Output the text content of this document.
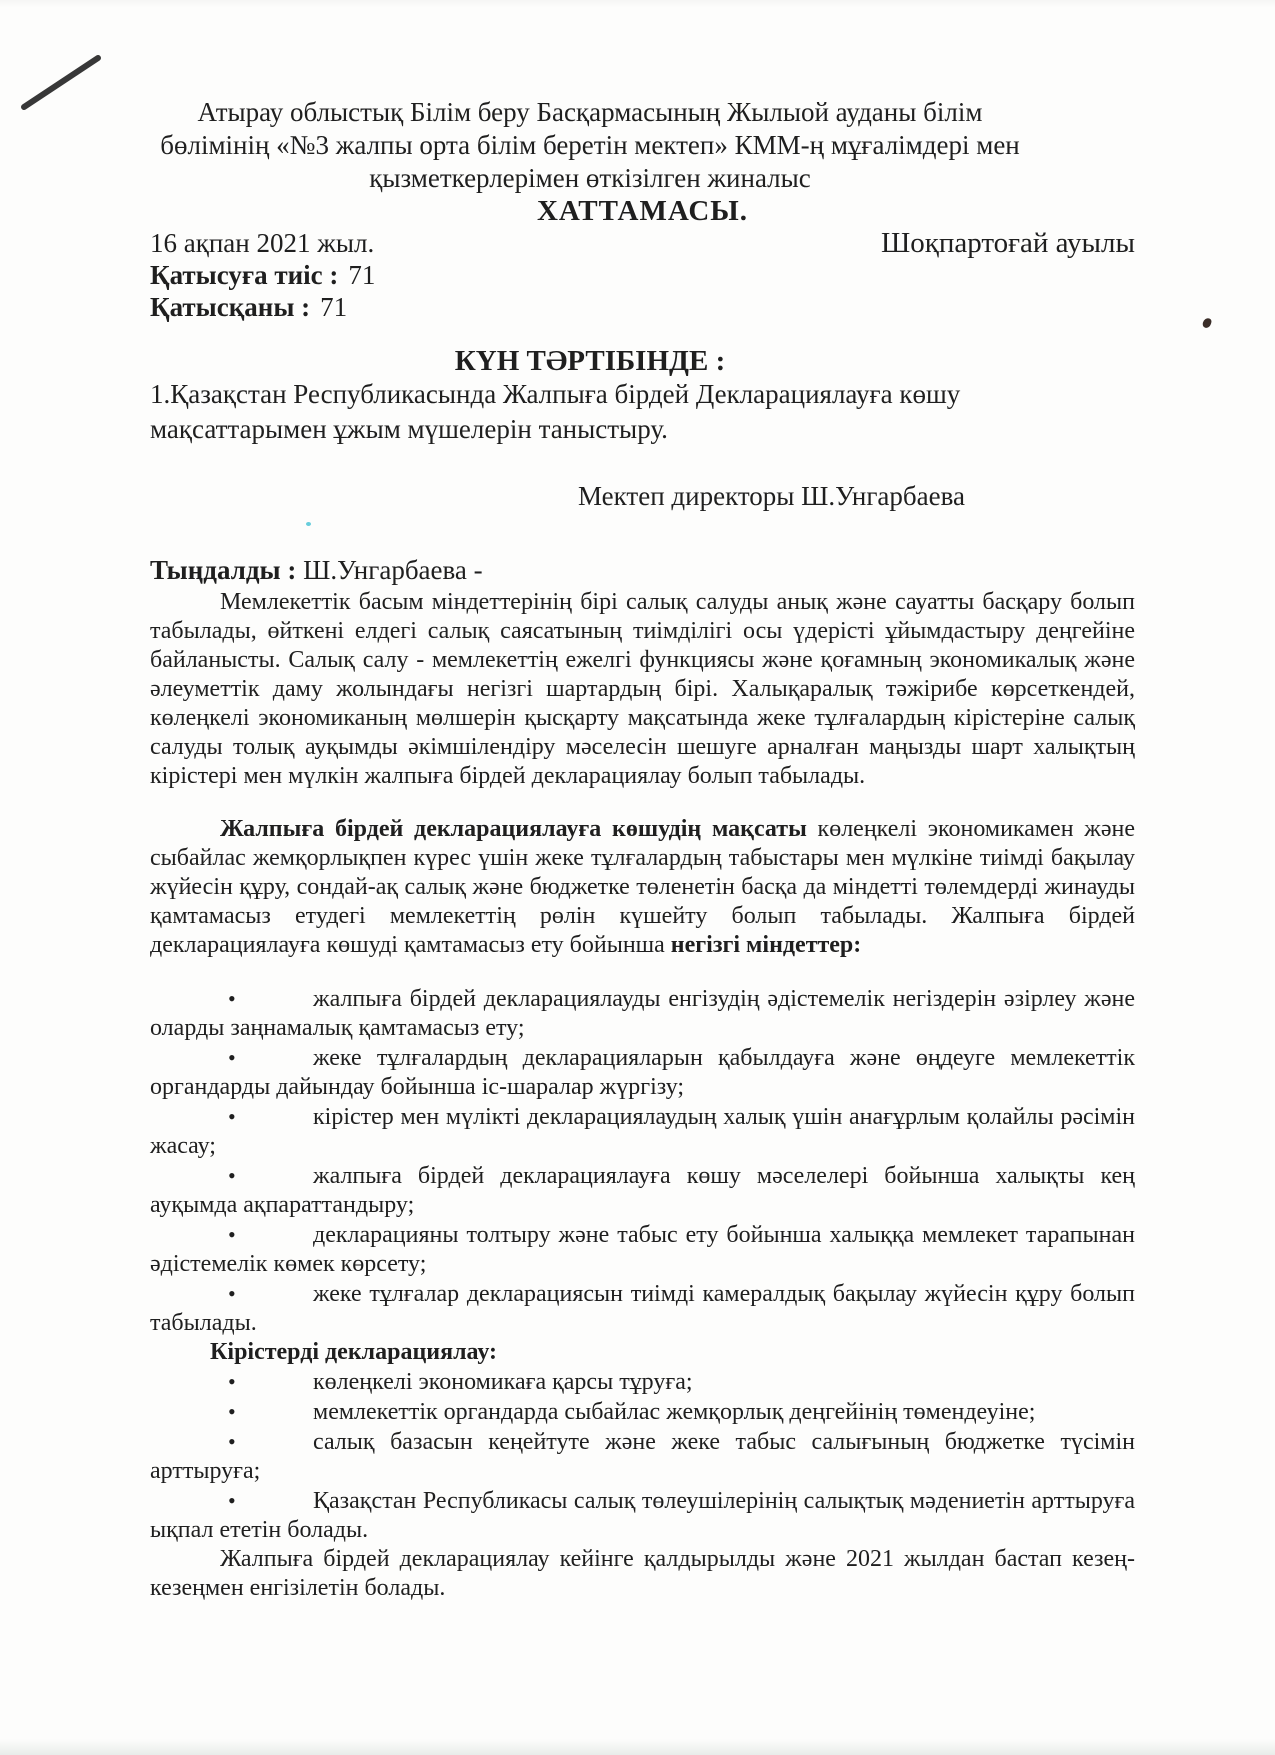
Атырау облыстық Білім беру Басқармасының Жылыой ауданы білім
бөлімінің «№3 жалпы орта білім беретін мектеп» КММ-ң мұғалімдері мен
қызметкерлерімен өткізілген жиналыс
ХАТТАМАСЫ.
16 ақпан 2021 жыл.	Шоқпартоғай ауылы
Қатысуға тиіс : 71
Қатысқаны : 71
КҮН ТӘРТІБІНДЕ :
1.Қазақстан Республикасында Жалпыға бірдей Декларациялауға көшу
мақсаттарымен ұжым мүшелерін таныстыру.
Мектеп директоры Ш.Унгарбаева
Тыңдалды : Ш.Унгарбаева -

Мемлекеттік басым міндеттерінің бірі салық салуды анық және сауатты басқару болып табылады, өйткені елдегі салық саясатының тиімділігі осы үдерісті ұйымдастыру деңгейіне байланысты. Салық салу - мемлекеттің ежелгі функциясы және қоғамның экономикалық және әлеуметтік даму жолындағы негізгі шартардың бірі. Халықаралық тәжірибе көрсеткендей, көлеңкелі экономиканың мөлшерін қысқарту мақсатында жеке тұлғалардың кірістеріне салық салуды толық ауқымды әкімшілендіру мәселесін шешуге арналған маңызды шарт халықтың кірістері мен мүлкін жалпыға бірдей декларациялау болып табылады.

Жалпыға бірдей декларациялауға көшудің мақсаты көлеңкелі экономикамен және сыбайлас жемқорлықпен күрес үшін жеке тұлғалардың табыстары мен мүлкіне тиімді бақылау жүйесін құру, сондай-ақ салық және бюджетке төленетін басқа да міндетті төлемдерді жинауды қамтамасыз етудегі мемлекеттің рөлін күшейту болып табылады. Жалпыға бірдей декларациялауға көшуді қамтамасыз ету бойынша негізгі міндеттер:

•	жалпыға бірдей декларациялауды енгізудің әдістемелік негіздерін әзірлеу және оларды заңнамалық қамтамасыз ету;
•	жеке тұлғалардың декларацияларын қабылдауға және өңдеуге мемлекеттік органдарды дайындау бойынша іс-шаралар жүргізу;
•	кірістер мен мүлікті декларациялаудың халық үшін анағұрлым қолайлы рәсімін жасау;
•	жалпыға бірдей декларациялауға көшу мәселелері бойынша халықты кең ауқымда ақпараттандыру;
•	декларацияны толтыру және табыс ету бойынша халыққа мемлекет тарапынан әдістемелік көмек көрсету;
•	жеке тұлғалар декларациясын тиімді камералдық бақылау жүйесін құру болып табылады.
Кірістерді декларациялау:
•	көлеңкелі экономикаға қарсы тұруға;
•	мемлекеттік органдарда сыбайлас жемқорлық деңгейінің төмендеуіне;
•	салық базасын кеңейтуте және жеке табыс салығының бюджетке түсімін арттыруға;
•	Қазақстан Республикасы салық төлеушілерінің салықтық мәдениетін арттыруға ықпал ететін болады.

Жалпыға бірдей декларациялау кейінге қалдырылды және 2021 жылдан бастап кезең-кезеңмен енгізілетін болады.
